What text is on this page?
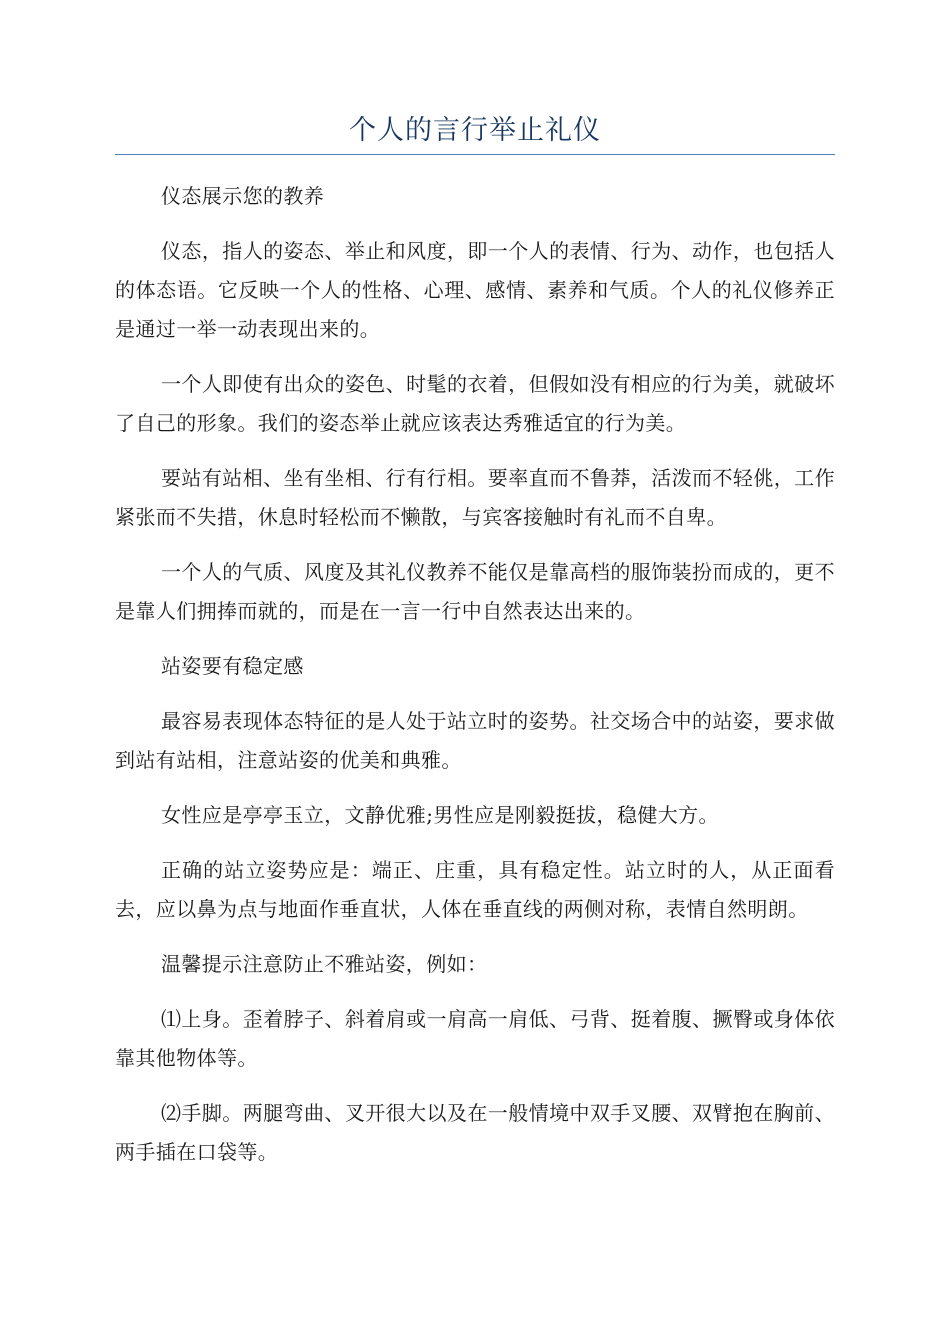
个人的言行举止礼仪

仪态展示您的教养

仪态，指人的姿态、举止和风度，即一个人的表情、行为、动作，也包括人的体态语。它反映一个人的性格、心理、感情、素养和气质。个人的礼仪修养正是通过一举一动表现出来的。

一个人即使有出众的姿色、时髦的衣着，但假如没有相应的行为美，就破坏了自己的形象。我们的姿态举止就应该表达秀雅适宜的行为美。

要站有站相、坐有坐相、行有行相。要率直而不鲁莽，活泼而不轻佻，工作紧张而不失措，休息时轻松而不懒散，与宾客接触时有礼而不自卑。

一个人的气质、风度及其礼仪教养不能仅是靠高档的服饰装扮而成的，更不是靠人们拥捧而就的，而是在一言一行中自然表达出来的。

站姿要有稳定感

最容易表现体态特征的是人处于站立时的姿势。社交场合中的站姿，要求做到站有站相，注意站姿的优美和典雅。

女性应是亭亭玉立，文静优雅;男性应是刚毅挺拔，稳健大方。

正确的站立姿势应是：端正、庄重，具有稳定性。站立时的人，从正面看去，应以鼻为点与地面作垂直状，人体在垂直线的两侧对称，表情自然明朗。

温馨提示注意防止不雅站姿，例如：

⑴上身。歪着脖子、斜着肩或一肩高一肩低、弓背、挺着腹、撅臀或身体依靠其他物体等。

⑵手脚。两腿弯曲、叉开很大以及在一般情境中双手叉腰、双臂抱在胸前、两手插在口袋等。
